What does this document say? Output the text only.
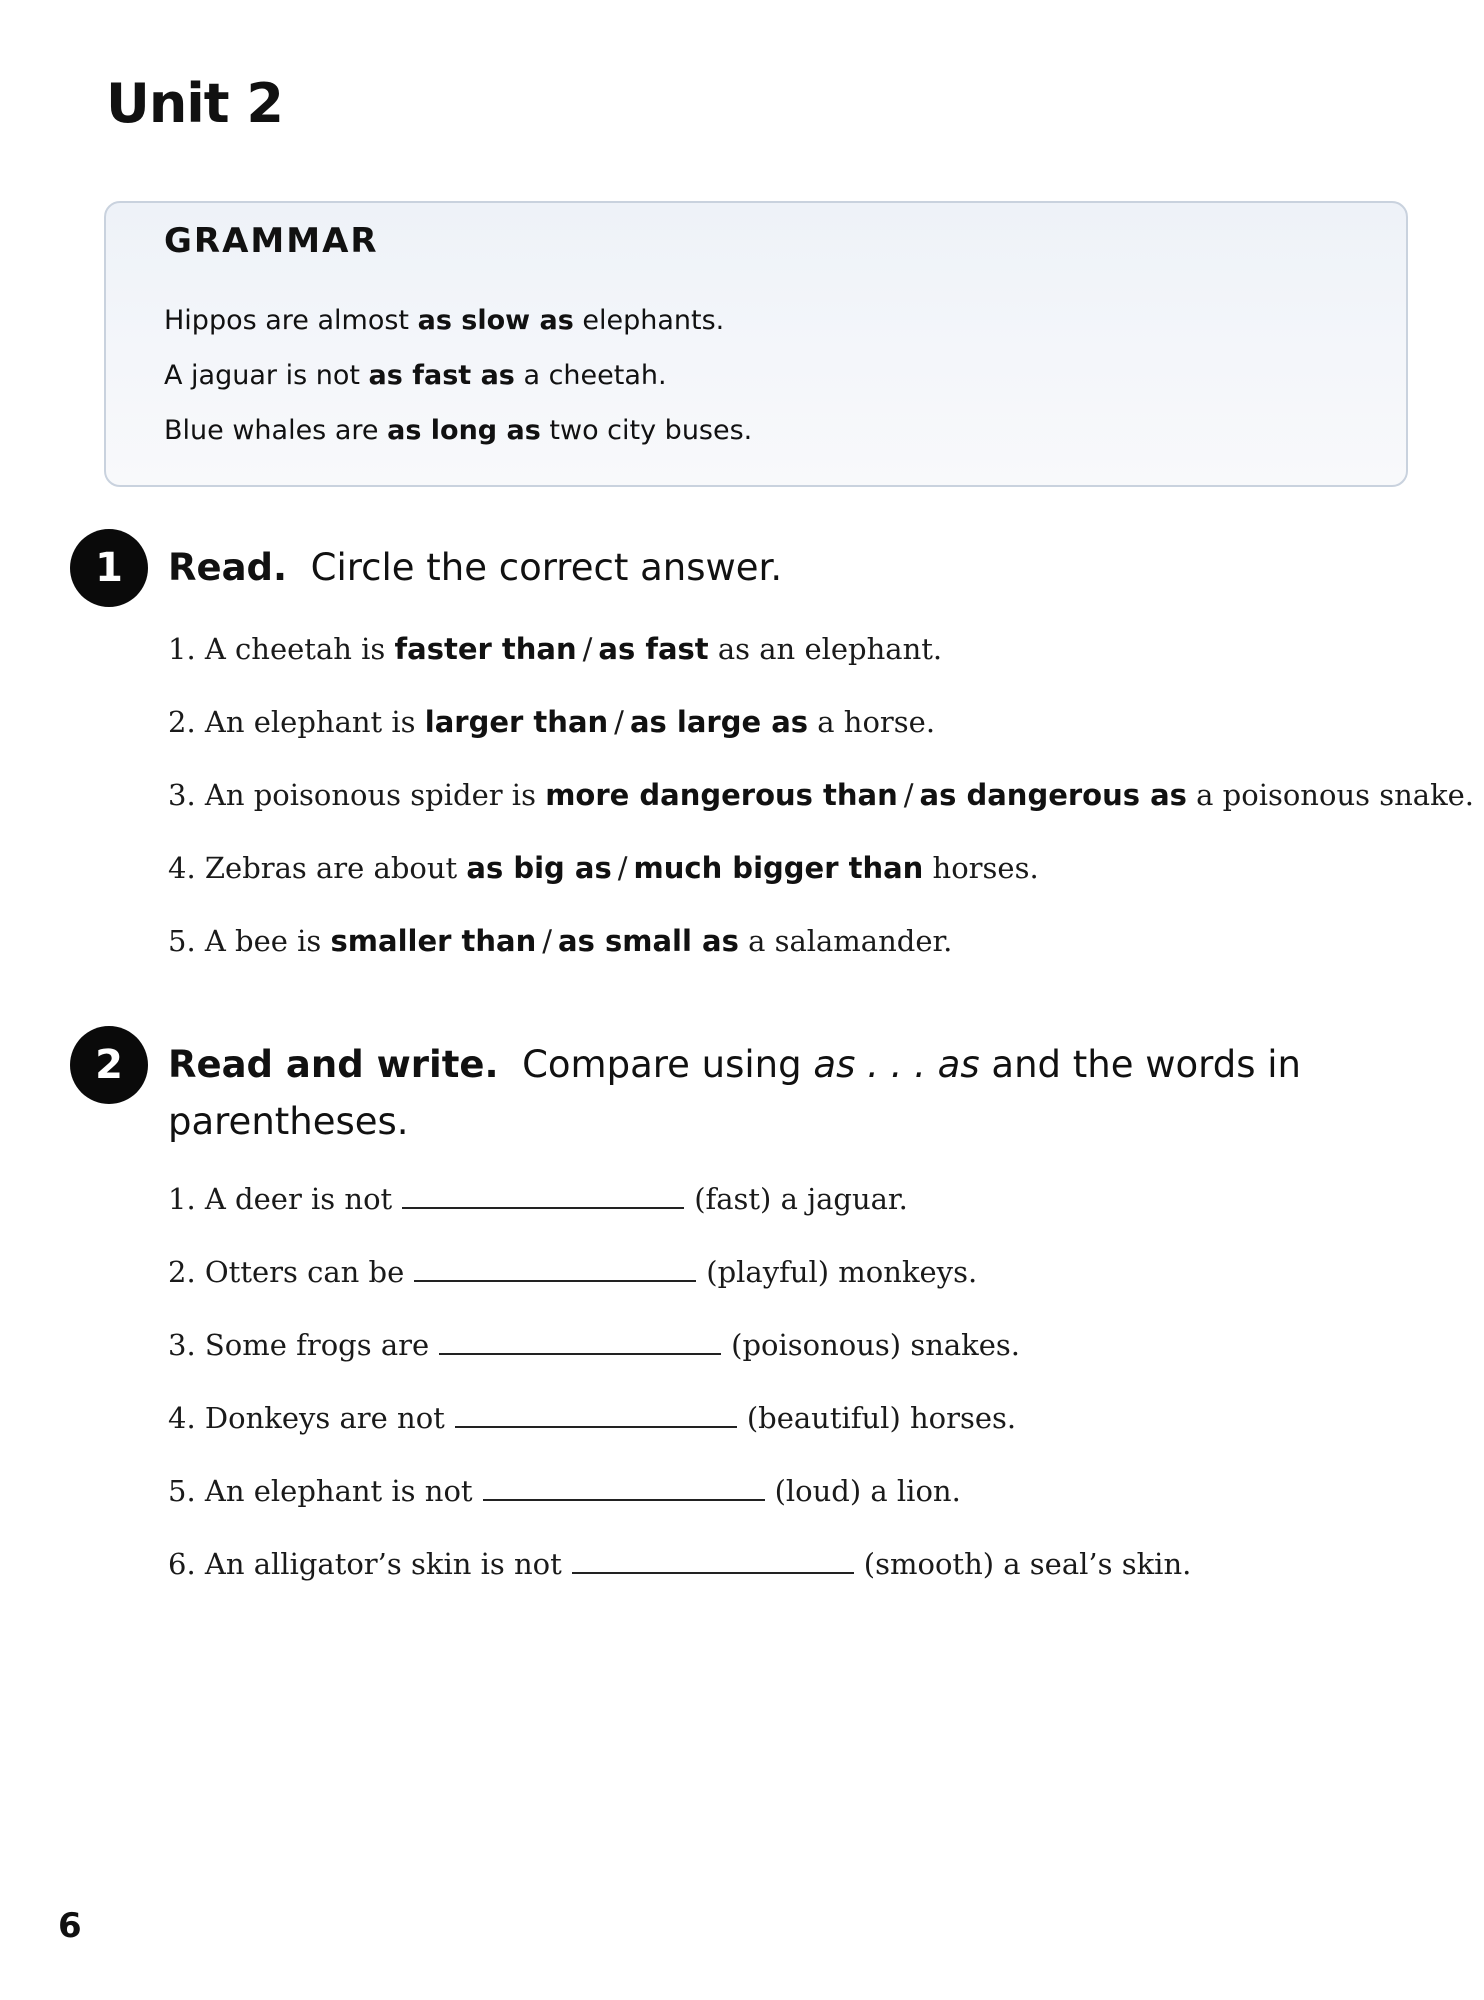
Unit 2
GRAMMAR
Hippos are almost as slow as elephants.
A jaguar is not as fast as a cheetah.
Blue whales are as long as two city buses.
1	Read. Circle the correct answer.
1. A cheetah is faster than / as fast as an elephant.
2. An elephant is larger than / as large as a horse.
3. An poisonous spider is more dangerous than / as dangerous as a poisonous snake.
4. Zebras are about as big as / much bigger than horses.
5. A bee is smaller than / as small as a salamander.
2	Read and write. Compare using as . . . as and the words in parentheses.
1. A deer is not	(fast) a jaguar.
2. Otters can be	(playful) monkeys.
3. Some frogs are	(poisonous) snakes.
4. Donkeys are not	(beautiful) horses.
5. An elephant is not	(loud) a lion.
6. An alligator’s skin is not	(smooth) a seal’s skin.
6
